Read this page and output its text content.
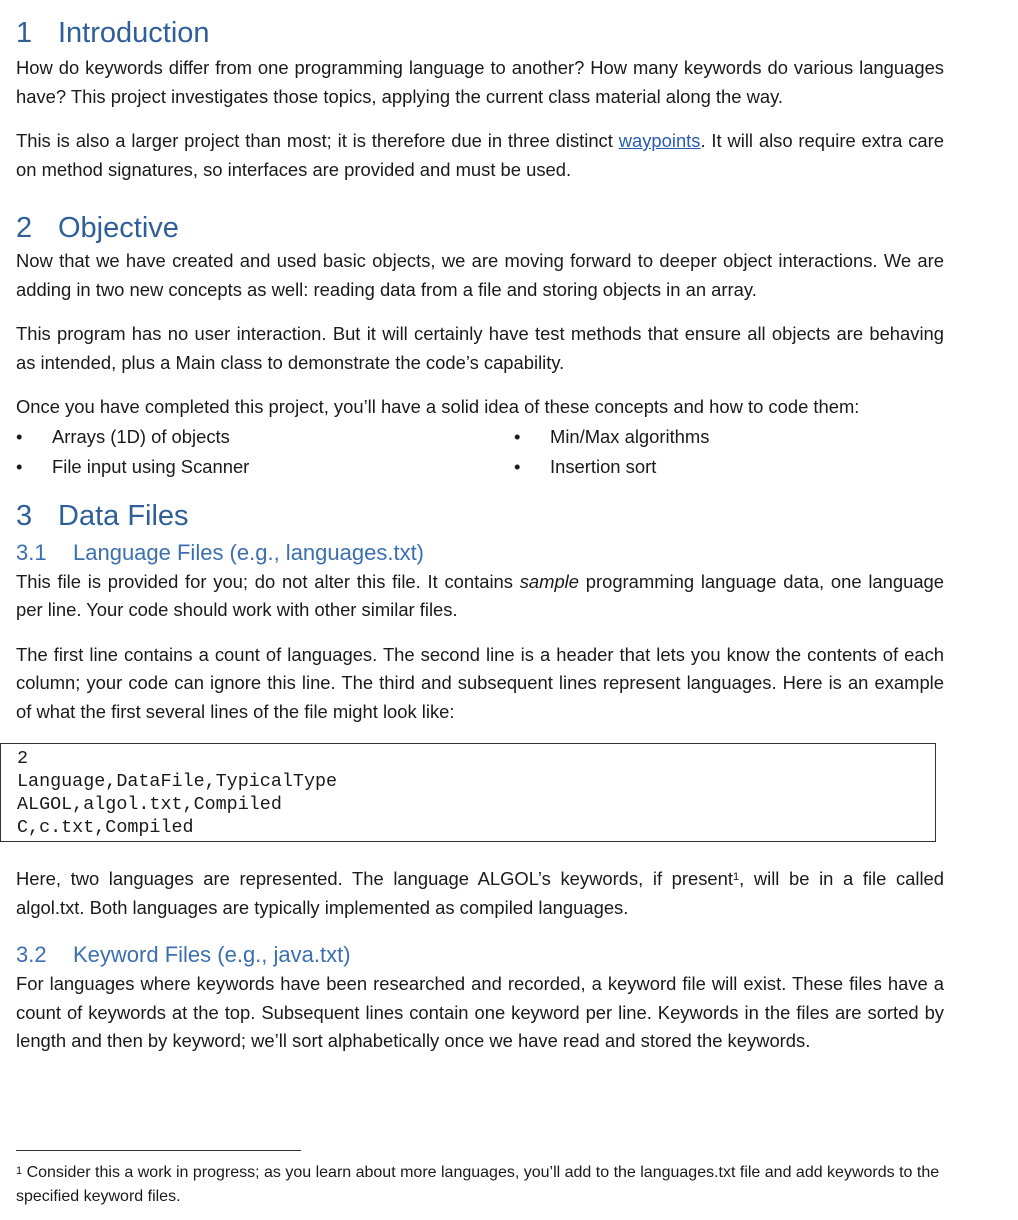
1 Introduction

How do keywords differ from one programming language to another? How many keywords do various languages have? This project investigates those topics, applying the current class material along the way.

This is also a larger project than most; it is therefore due in three distinct waypoints. It will also require extra care on method signatures, so interfaces are provided and must be used.

2 Objective

Now that we have created and used basic objects, we are moving forward to deeper object interactions. We are adding in two new concepts as well: reading data from a file and storing objects in an array.

This program has no user interaction. But it will certainly have test methods that ensure all objects are behaving as intended, plus a Main class to demonstrate the code’s capability.

Once you have completed this project, you’ll have a solid idea of these concepts and how to code them:

•	Arrays (1D) of objects	•	Min/Max algorithms
•	File input using Scanner	•	Insertion sort
3 Data Files
3.1 Language Files (e.g., languages.txt)

This file is provided for you; do not alter this file. It contains sample programming language data, one language per line. Your code should work with other similar files.

The first line contains a count of languages. The second line is a header that lets you know the contents of each column; your code can ignore this line. The third and subsequent lines represent languages. Here is an example of what the first several lines of the file might look like:

2
Language,DataFile,TypicalType
ALGOL,algol.txt,Compiled
C,c.txt,Compiled

Here, two languages are represented. The language ALGOL’s keywords, if present$^1$, will be in a file called algol.txt. Both languages are typically implemented as compiled languages.

3.2 Keyword Files (e.g., java.txt)

For languages where keywords have been researched and recorded, a keyword file will exist. These files have a count of keywords at the top. Subsequent lines contain one keyword per line. Keywords in the files are sorted by length and then by keyword; we’ll sort alphabetically once we have read and stored the keywords.

$^1$ Consider this a work in progress; as you learn about more languages, you’ll add to the languages.txt file and add keywords to the specified keyword files.
